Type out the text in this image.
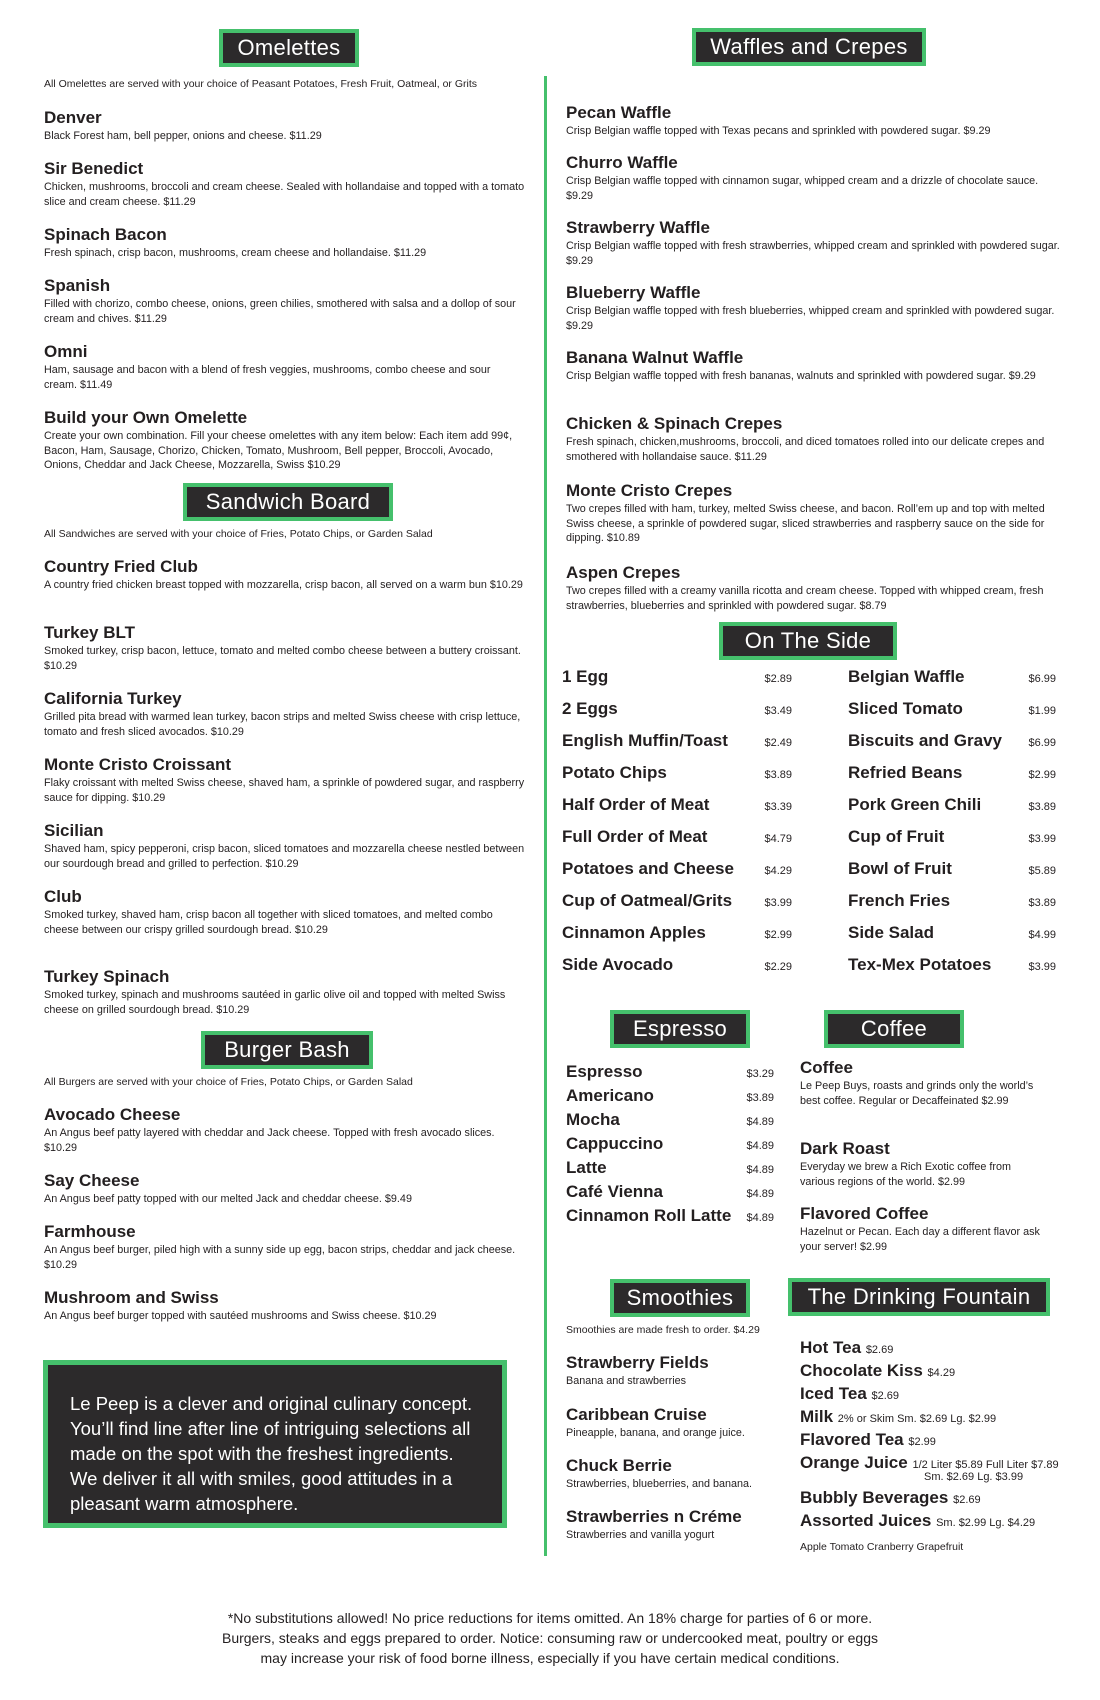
Omelettes
All Omelettes are served with your choice of Peasant Potatoes, Fresh Fruit, Oatmeal, or Grits
Denver
Black Forest ham, bell pepper, onions and cheese. $11.29
Sir Benedict
Chicken, mushrooms, broccoli and cream cheese. Sealed with hollandaise and topped with a tomato slice and cream cheese. $11.29
Spinach Bacon
Fresh spinach, crisp bacon, mushrooms, cream cheese and hollandaise. $11.29
Spanish
Filled with chorizo, combo cheese, onions, green chilies, smothered with salsa and a dollop of sour cream and chives. $11.29
Omni
Ham, sausage and bacon with a blend of fresh veggies, mushrooms, combo cheese and sour cream. $11.49
Build your Own Omelette
Create your own combination. Fill your cheese omelettes with any item below: Each item add 99¢, Bacon, Ham, Sausage, Chorizo, Chicken, Tomato, Mushroom, Bell pepper, Broccoli, Avocado, Onions, Cheddar and Jack Cheese, Mozzarella, Swiss $10.29
Sandwich Board
All Sandwiches are served with your choice of Fries, Potato Chips, or Garden Salad
Country Fried Club
A country fried chicken breast topped with mozzarella, crisp bacon, all served on a warm bun $10.29
Turkey BLT
Smoked turkey, crisp bacon, lettuce, tomato and melted combo cheese between a buttery croissant. $10.29
California Turkey
Grilled pita bread with warmed lean turkey, bacon strips and melted Swiss cheese with crisp lettuce, tomato and fresh sliced avocados. $10.29
Monte Cristo Croissant
Flaky croissant with melted Swiss cheese, shaved ham, a sprinkle of powdered sugar, and raspberry sauce for dipping. $10.29
Sicilian
Shaved ham, spicy pepperoni, crisp bacon, sliced tomatoes and mozzarella cheese nestled between our sourdough bread and grilled to perfection. $10.29
Club
Smoked turkey, shaved ham, crisp bacon all together with sliced tomatoes, and melted combo cheese between our crispy grilled sourdough bread. $10.29
Turkey Spinach
Smoked turkey, spinach and mushrooms sautéed in garlic olive oil and topped with melted Swiss cheese on grilled sourdough bread. $10.29
Burger Bash
All Burgers are served with your choice of Fries, Potato Chips, or Garden Salad
Avocado Cheese
An Angus beef patty layered with cheddar and Jack cheese. Topped with fresh avocado slices. $10.29
Say Cheese
An Angus beef patty topped with our melted Jack and cheddar cheese. $9.49
Farmhouse
An Angus beef burger, piled high with a sunny side up egg, bacon strips, cheddar and jack cheese. $10.29
Mushroom and Swiss
An Angus beef burger topped with sautéed mushrooms and Swiss cheese. $10.29
Le Peep is a clever and original culinary concept. You’ll find line after line of intriguing selections all made on the spot with the freshest ingredients. We deliver it all with smiles, good attitudes in a pleasant warm atmosphere.
Waffles and Crepes
Pecan Waffle
Crisp Belgian waffle topped with Texas pecans and sprinkled with powdered sugar. $9.29
Churro Waffle
Crisp Belgian waffle topped with cinnamon sugar, whipped cream and a drizzle of chocolate sauce. $9.29
Strawberry Waffle
Crisp Belgian waffle topped with fresh strawberries, whipped cream and sprinkled with powdered sugar. $9.29
Blueberry Waffle
Crisp Belgian waffle topped with fresh blueberries, whipped cream and sprinkled with powdered sugar. $9.29
Banana Walnut Waffle
Crisp Belgian waffle topped with fresh bananas, walnuts and sprinkled with powdered sugar. $9.29
Chicken & Spinach Crepes
Fresh spinach, chicken,mushrooms, broccoli, and diced tomatoes rolled into our delicate crepes and smothered with hollandaise sauce. $11.29
Monte Cristo Crepes
Two crepes filled with ham, turkey, melted Swiss cheese, and bacon. Roll’em up and top with melted Swiss cheese, a sprinkle of powdered sugar, sliced strawberries and raspberry sauce on the side for dipping. $10.89
Aspen Crepes
Two crepes filled with a creamy vanilla ricotta and cream cheese. Topped with whipped cream, fresh strawberries, blueberries and sprinkled with powdered sugar. $8.79
On The Side
1 Egg	$2.89
2 Eggs	$3.49
English Muffin/Toast	$2.49
Potato Chips	$3.89
Half Order of Meat	$3.39
Full Order of Meat	$4.79
Potatoes and Cheese	$4.29
Cup of Oatmeal/Grits	$3.99
Cinnamon Apples	$2.99
Side Avocado	$2.29
Belgian Waffle	$6.99
Sliced Tomato	$1.99
Biscuits and Gravy $6.99
Refried Beans	$2.99
Pork Green Chili	$3.89
Cup of Fruit	$3.99
Bowl of Fruit	$5.89
French Fries	$3.89
Side Salad	$4.99
Tex-Mex Potatoes	$3.99
Espresso
Espresso	$3.29
Americano	$3.89
Mocha	$4.89
Cappuccino	$4.89
Latte	$4.89
Café Vienna	$4.89
Cinnamon Roll Latte $4.89
Coffee
Coffee
Le Peep Buys, roasts and grinds only the world’s best coffee. Regular or Decaffeinated $2.99
Dark Roast
Everyday we brew a Rich Exotic coffee from various regions of the world. $2.99
Flavored Coffee
Hazelnut or Pecan. Each day a different flavor ask your server! $2.99
Smoothies
Smoothies are made fresh to order. $4.29
Strawberry Fields
Banana and strawberries
Caribbean Cruise
Pineapple, banana, and orange juice.
Chuck Berrie
Strawberries, blueberries, and banana.
Strawberries n Créme
Strawberries and vanilla yogurt
The Drinking Fountain
Hot Tea $2.69
Chocolate Kiss $4.29
Iced Tea $2.69
Milk 2% or Skim Sm. $2.69 Lg. $2.99
Flavored Tea $2.99
Orange Juice 1/2 Liter $5.89 Full Liter $7.89
Sm. $2.69 Lg. $3.99
Bubbly Beverages $2.69
Assorted Juices Sm. $2.99 Lg. $4.29
Apple Tomato Cranberry Grapefruit
*No substitutions allowed! No price reductions for items omitted. An 18% charge for parties of 6 or more.
Burgers, steaks and eggs prepared to order. Notice: consuming raw or undercooked meat, poultry or eggs
may increase your risk of food borne illness, especially if you have certain medical conditions.
